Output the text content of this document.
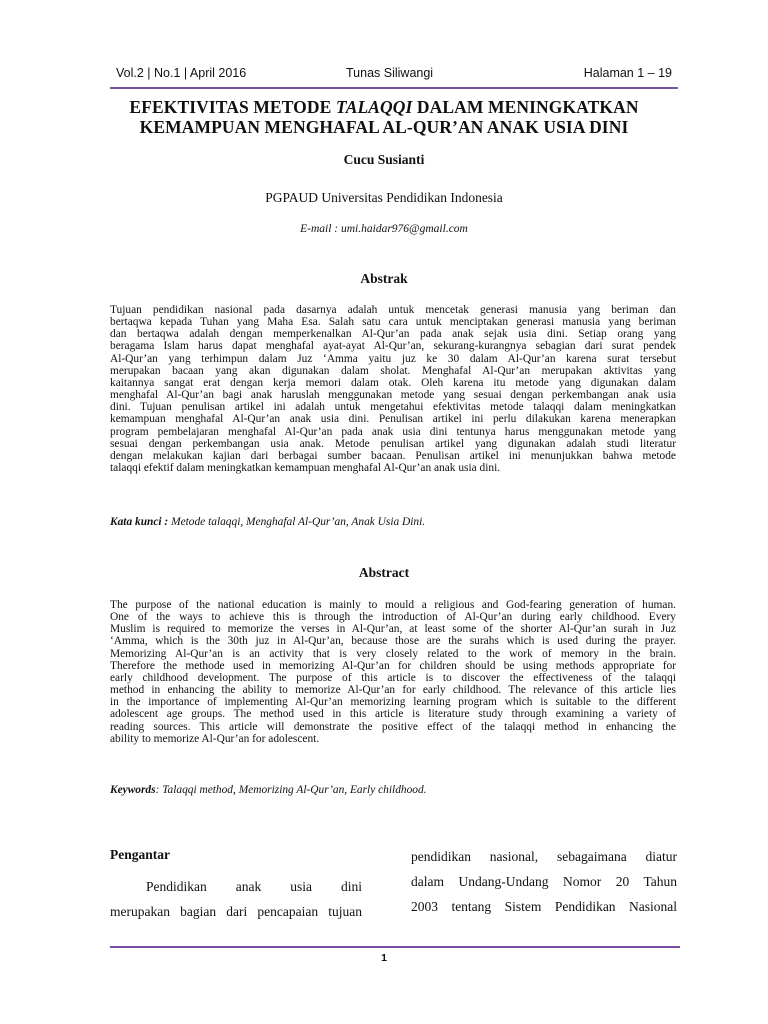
Vol.2 | No.1 | April 2016	Tunas Siliwangi	Halaman 1 – 19
EFEKTIVITAS METODE TALAQQI DALAM MENINGKATKAN
KEMAMPUAN MENGHAFAL AL-QUR’AN ANAK USIA DINI
Cucu Susianti
PGPAUD Universitas Pendidikan Indonesia
E-mail : umi.haidar976@gmail.com
Abstrak
Tujuan pendidikan nasional pada dasarnya adalah untuk mencetak generasi manusia yang beriman dan
bertaqwa kepada Tuhan yang Maha Esa. Salah satu cara untuk menciptakan generasi manusia yang beriman
dan bertaqwa adalah dengan memperkenalkan Al-Qur’an pada anak sejak usia dini. Setiap orang yang
beragama Islam harus dapat menghafal ayat-ayat Al-Qur’an, sekurang-kurangnya sebagian dari surat pendek
Al-Qur’an yang terhimpun dalam Juz ‘Amma yaitu juz ke 30 dalam Al-Qur’an karena surat tersebut
merupakan bacaan yang akan digunakan dalam sholat. Menghafal Al-Qur’an merupakan aktivitas yang
kaitannya sangat erat dengan kerja memori dalam otak. Oleh karena itu metode yang digunakan dalam
menghafal Al-Qur’an bagi anak haruslah menggunakan metode yang sesuai dengan perkembangan anak usia
dini. Tujuan penulisan artikel ini adalah untuk mengetahui efektivitas metode talaqqi dalam meningkatkan
kemampuan menghafal Al-Qur’an anak usia dini. Penulisan artikel ini perlu dilakukan karena menerapkan
program pembelajaran menghafal Al-Qur’an pada anak usia dini tentunya harus menggunakan metode yang
sesuai dengan perkembangan usia anak. Metode penulisan artikel yang digunakan adalah studi literatur
dengan melakukan kajian dari berbagai sumber bacaan. Penulisan artikel ini menunjukkan bahwa metode
talaqqi efektif dalam meningkatkan kemampuan menghafal Al-Qur’an anak usia dini.
Kata kunci : Metode talaqqi, Menghafal Al-Qur’an, Anak Usia Dini.
Abstract
The purpose of the national education is mainly to mould a religious and God-fearing generation of human.
One of the ways to achieve this is through the introduction of Al-Qur’an during early childhood. Every
Muslim is required to memorize the verses in Al-Qur’an, at least some of the shorter Al-Qur’an surah in Juz
‘Amma, which is the 30th juz in Al-Qur’an, because those are the surahs which is used during the prayer.
Memorizing Al-Qur’an is an activity that is very closely related to the work of memory in the brain.
Therefore the methode used in memorizing Al-Qur’an for children should be using methods appropriate for
early childhood development. The purpose of this article is to discover the effectiveness of the talaqqi
method in enhancing the ability to memorize Al-Qur’an for early childhood. The relevance of this article lies
in the importance of implementing Al-Qur’an memorizing learning program which is suitable to the different
adolescent age groups. The method used in this article is literature study through examining a variety of
reading sources. This article will demonstrate the positive effect of the talaqqi method in enhancing the
ability to memorize Al-Qur’an for adolescent.
Keywords: Talaqqi method, Memorizing Al-Qur’an, Early childhood.
Pengantar
Pendidikan anak usia dini
merupakan bagian dari pencapaian tujuan
pendidikan nasional, sebagaimana diatur
dalam Undang-Undang Nomor 20 Tahun
2003 tentang Sistem Pendidikan Nasional
1
